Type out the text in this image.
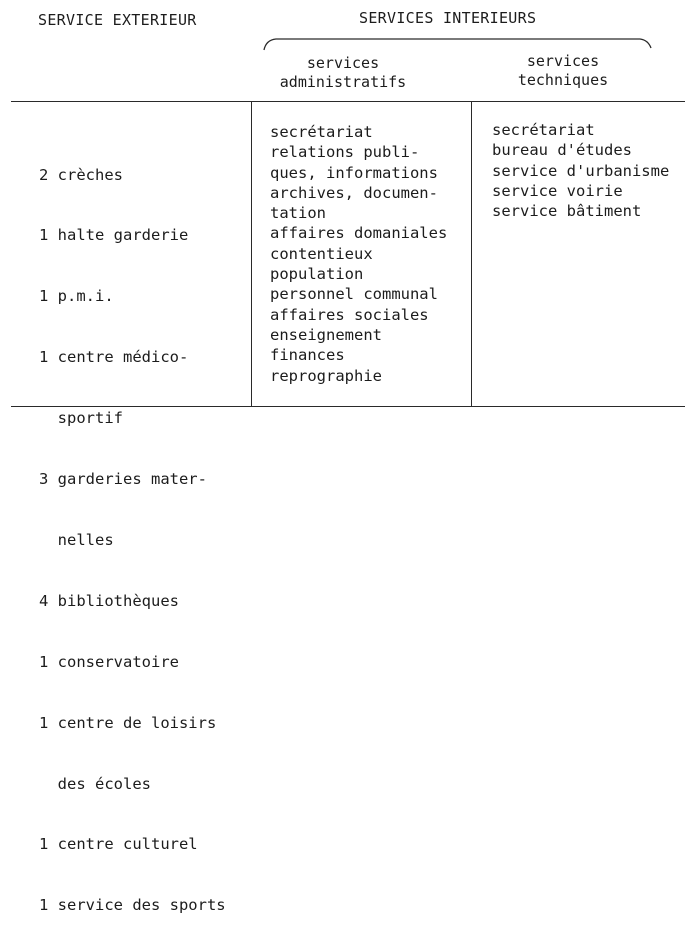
SERVICE EXTERIEUR	SERVICES INTERIEURS
services
administratifs
services
techniques

2 crèches

1 halte garderie

1 p.m.i.

1 centre médico-

sportif

3 garderies mater-

nelles

4 bibliothèques

1 conservatoire

1 centre de loisirs

des écoles

1 centre culturel

1 service des sports

secrétariat
relations publi-
ques, informations
archives, documen-
tation
affaires domaniales
contentieux
population
personnel communal
affaires sociales
enseignement
finances
reprographie
secrétariat
bureau d'études
service d'urbanisme
service voirie
service bâtiment
